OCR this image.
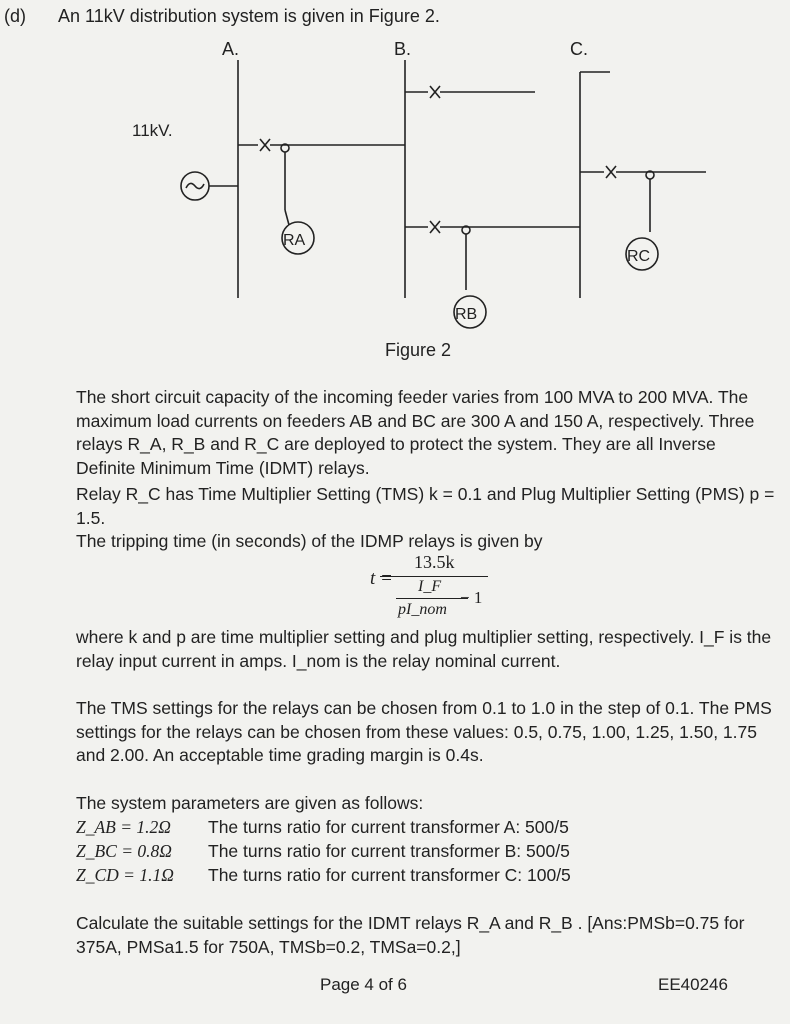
(d) An 11kV distribution system is given in Figure 2.
A.	B.	C.
11kV.
RA
RB
RC
Figure 2
The short circuit capacity of the incoming feeder varies from 100 MVA to 200 MVA. The maximum load currents on feeders AB and BC are 300 A and 150 A, respectively. Three relays R_A, R_B and R_C are deployed to protect the system. They are all Inverse Definite Minimum Time (IDMT) relays.
Relay R_C has Time Multiplier Setting (TMS) k = 0.1 and Plug Multiplier Setting (PMS) p = 1.5.
The tripping time (in seconds) of the IDMP relays is given by
t =
13.5k
I_F
pI_nom
− 1
where k and p are time multiplier setting and plug multiplier setting, respectively. I_F is the relay input current in amps. I_nom is the relay nominal current.
The TMS settings for the relays can be chosen from 0.1 to 1.0 in the step of 0.1. The PMS settings for the relays can be chosen from these values: 0.5, 0.75, 1.00, 1.25, 1.50, 1.75 and 2.00. An acceptable time grading margin is 0.4s.
The system parameters are given as follows:
Z_AB = 1.2Ω The turns ratio for current transformer A: 500/5
Z_BC = 0.8Ω The turns ratio for current transformer B: 500/5
Z_CD = 1.1Ω The turns ratio for current transformer C: 100/5
Calculate the suitable settings for the IDMT relays R_A and R_B . [Ans:PMSb=0.75 for 375A, PMSa1.5 for 750A, TMSb=0.2, TMSa=0.2,]
Page 4 of 6	EE40246
